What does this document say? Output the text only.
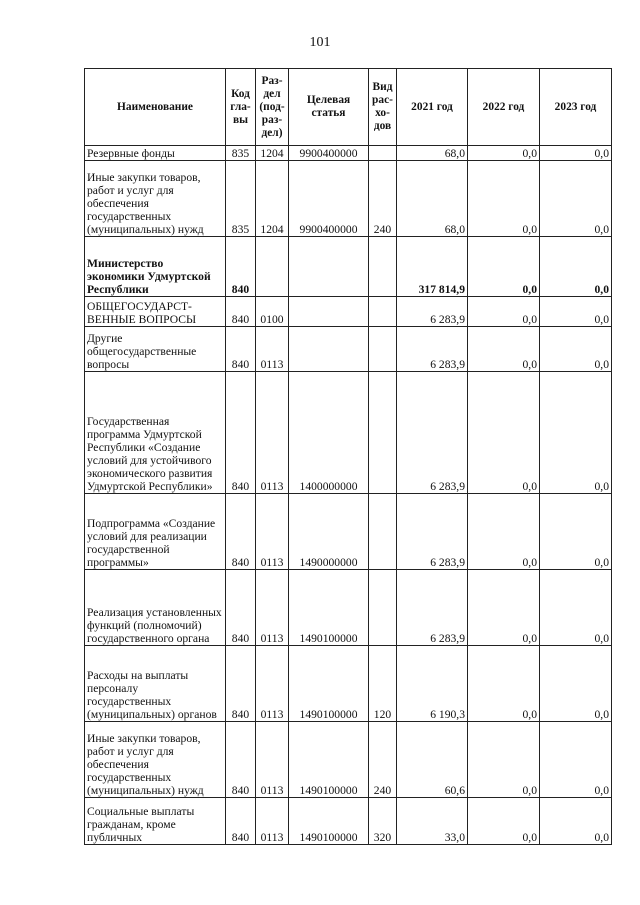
101
Наименование	Код гла-вы	Раз-дел (под-раз-дел)	Целевая статья	Вид рас-хо-дов	2021 год	2022 год	2023 год
Резервные фонды	835	1204	9900400000		68,0	0,0	0,0
Иные закупки товаров, работ и услуг для обеспечения государственных (муниципальных) нужд	835	1204	9900400000	240	68,0	0,0	0,0
Министерство экономики Удмуртской Республики	840				317 814,9	0,0	0,0
ОБЩЕГОСУДАРСТ-ВЕННЫЕ ВОПРОСЫ	840	0100			6 283,9	0,0	0,0
Другие общегосударственные вопросы	840	0113			6 283,9	0,0	0,0
Государственная программа Удмуртской Республики «Создание условий для устойчивого экономического развития Удмуртской Республики»	840	0113	1400000000		6 283,9	0,0	0,0
Подпрограмма «Создание условий для реализации государственной программы»	840	0113	1490000000		6 283,9	0,0	0,0
Реализация установленных функций (полномочий) государственного органа	840	0113	1490100000		6 283,9	0,0	0,0
Расходы на выплаты персоналу государственных (муниципальных) органов	840	0113	1490100000	120	6 190,3	0,0	0,0
Иные закупки товаров, работ и услуг для обеспечения государственных (муниципальных) нужд	840	0113	1490100000	240	60,6	0,0	0,0
Социальные выплаты гражданам, кроме публичных	840	0113	1490100000	320	33,0	0,0	0,0
